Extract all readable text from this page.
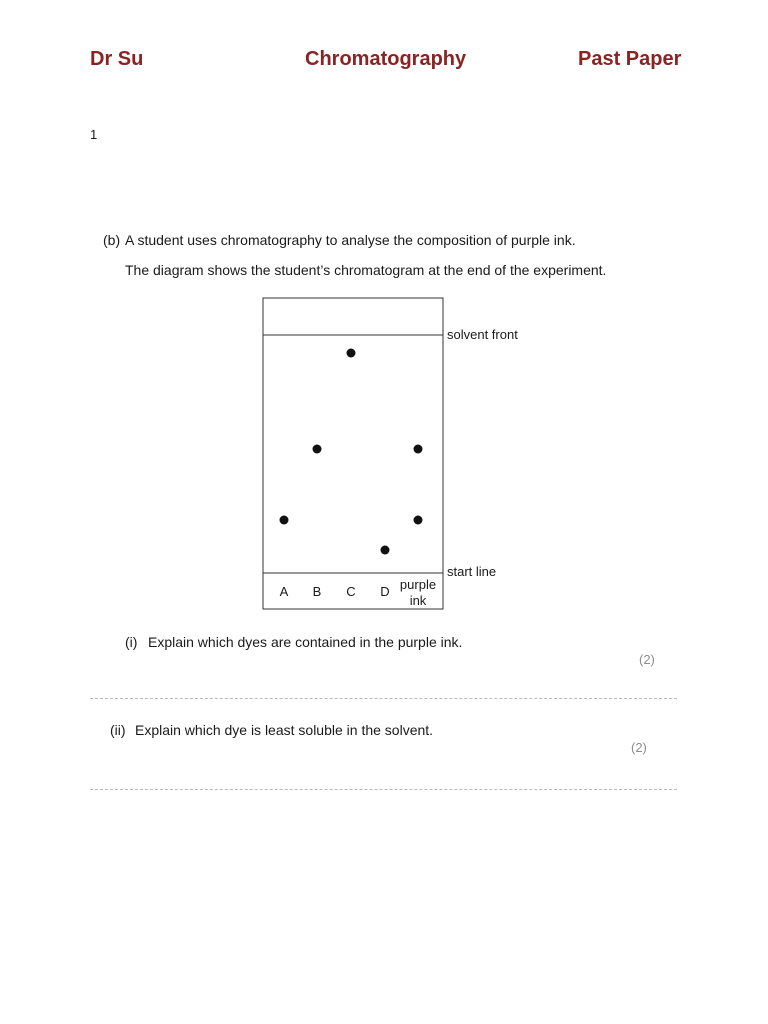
Dr Su	Chromatography	Past Paper
1
(b) A student uses chromatography to analyse the composition of purple ink.
The diagram shows the student’s chromatogram at the end of the experiment.
solvent front
start line
A B C D purple
ink
(i) Explain which dyes are contained in the purple ink.
(2)
(ii) Explain which dye is least soluble in the solvent.
(2)
